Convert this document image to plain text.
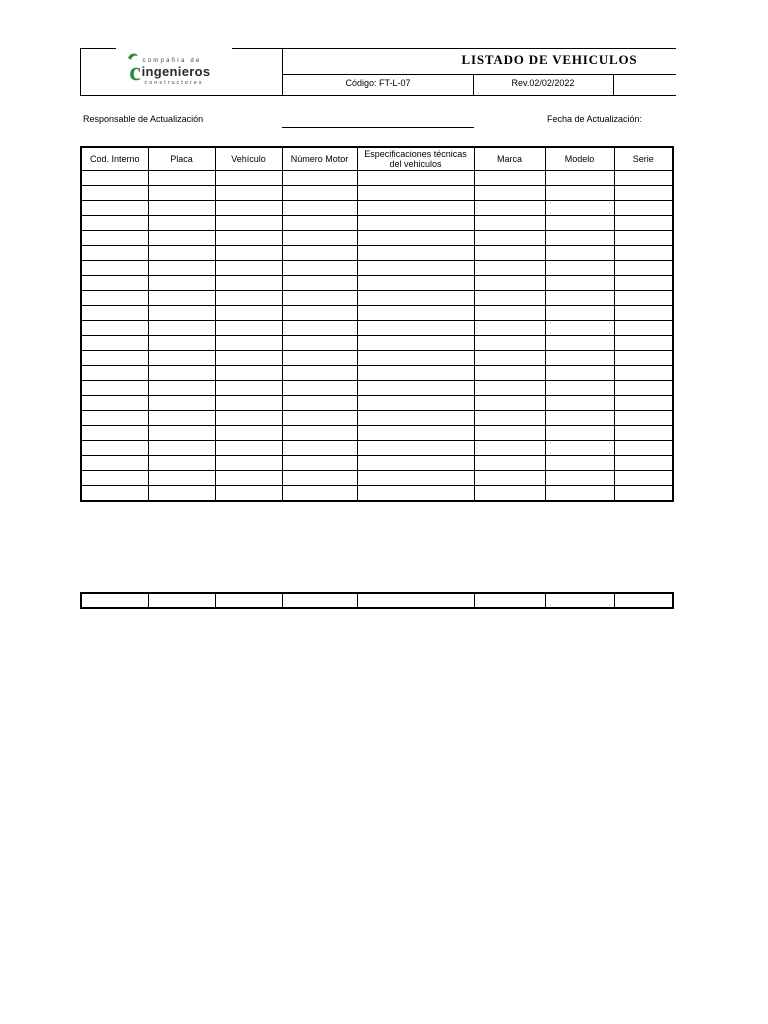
compañía de
c ingenieros
constructores
LISTADO DE VEHICULOS
Código: FT-L-07	Rev.02/02/2022
Responsable de Actualización	Fecha de Actualización:
Cod. Interno	Placa	Vehículo	Número Motor	Especificaciones técnicas del vehiculos	Marca	Modelo	Serie
